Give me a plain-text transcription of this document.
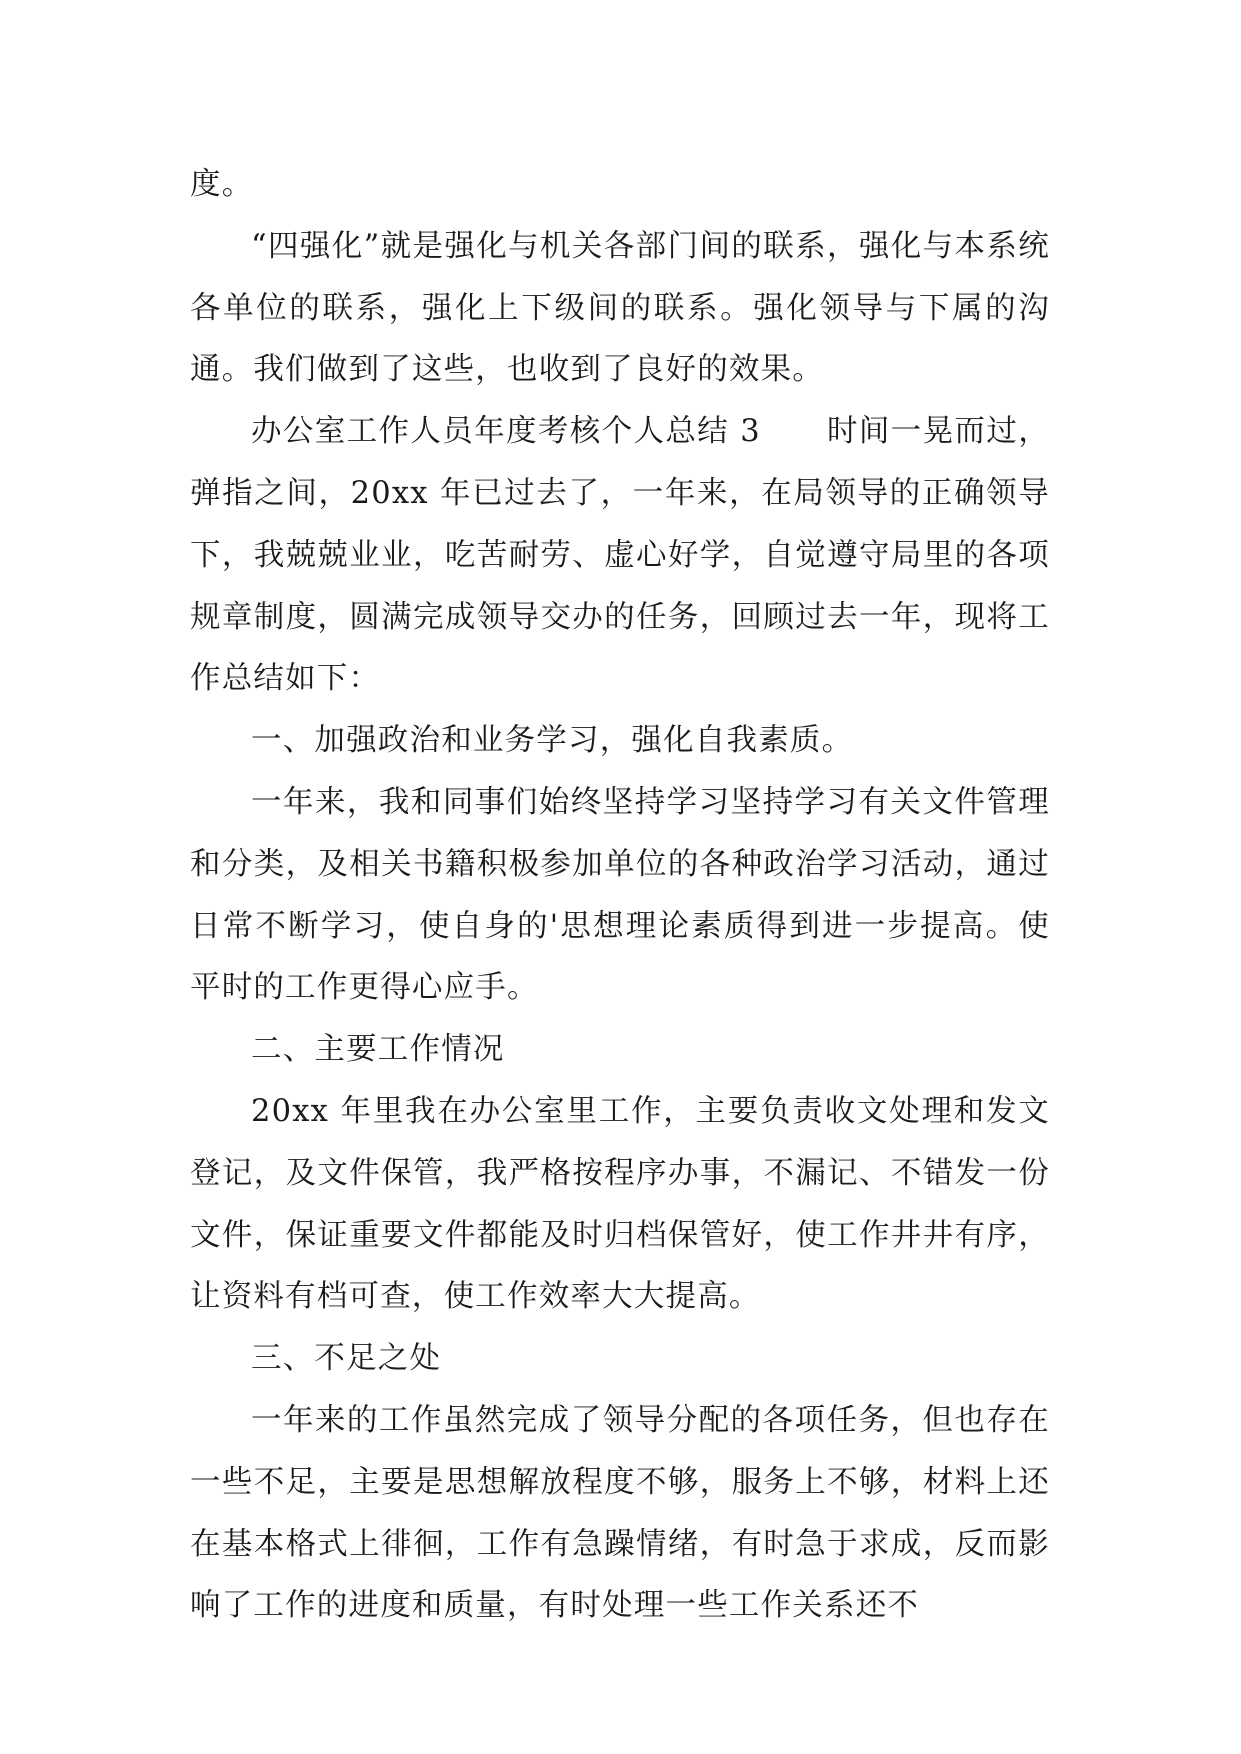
度。

“四强化”就是强化与机关各部门间的联系，强化与本系统各单位的联系，强化上下级间的联系。强化领导与下属的沟通。我们做到了这些，也收到了良好的效果。

办公室工作人员年度考核个人总结 3 时间一晃而过，弹指之间，20xx 年已过去了，一年来，在局领导的正确领导下，我兢兢业业，吃苦耐劳、虚心好学，自觉遵守局里的各项规章制度，圆满完成领导交办的任务，回顾过去一年，现将工作总结如下：

一、加强政治和业务学习，强化自我素质。

一年来，我和同事们始终坚持学习坚持学习有关文件管理和分类，及相关书籍积极参加单位的各种政治学习活动，通过日常不断学习，使自身的'思想理论素质得到进一步提高。使平时的工作更得心应手。

二、主要工作情况

20xx 年里我在办公室里工作，主要负责收文处理和发文登记，及文件保管，我严格按程序办事，不漏记、不错发一份文件，保证重要文件都能及时归档保管好，使工作井井有序，让资料有档可查，使工作效率大大提高。

三、不足之处

一年来的工作虽然完成了领导分配的各项任务，但也存在一些不足，主要是思想解放程度不够，服务上不够，材料上还在基本格式上徘徊，工作有急躁情绪，有时急于求成，反而影响了工作的进度和质量，有时处理一些工作关系还不
